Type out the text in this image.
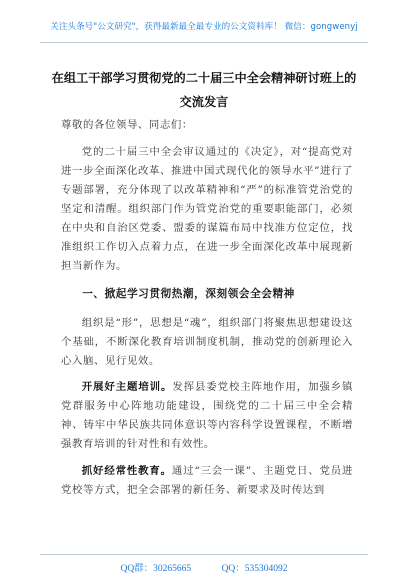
关注头条号"公文研究"，获得最新最全最专业的公文资料库！ 微信：gongwenyj
在组工干部学习贯彻党的二十届三中全会精神研讨班上的
交流发言

尊敬的各位领导、同志们：

党的二十届三中全会审议通过的《决定》，对“提高党对进一步全面深化改革、推进中国式现代化的领导水平”进行了专题部署，充分体现了以改革精神和“严”的标准管党治党的坚定和清醒。组织部门作为管党治党的重要职能部门，必须在中央和自治区党委、盟委的谋篇布局中找准方位定位，找准组织工作切入点着力点，在进一步全面深化改革中展现新担当新作为。

一、掀起学习贯彻热潮，深刻领会全会精神

组织是“形”，思想是“魂”，组织部门将聚焦思想建设这个基础，不断深化教育培训制度机制，推动党的创新理论入心入脑、见行见效。

开展好主题培训。发挥县委党校主阵地作用，加强乡镇党群服务中心阵地功能建设，围绕党的二十届三中全会精神、铸牢中华民族共同体意识等内容科学设置课程，不断增强教育培训的针对性和有效性。

抓好经常性教育。通过“三会一课”、主题党日、党员进党校等方式，把全会部署的新任务、新要求及时传达到

QQ群：30265665	QQ：535304092
